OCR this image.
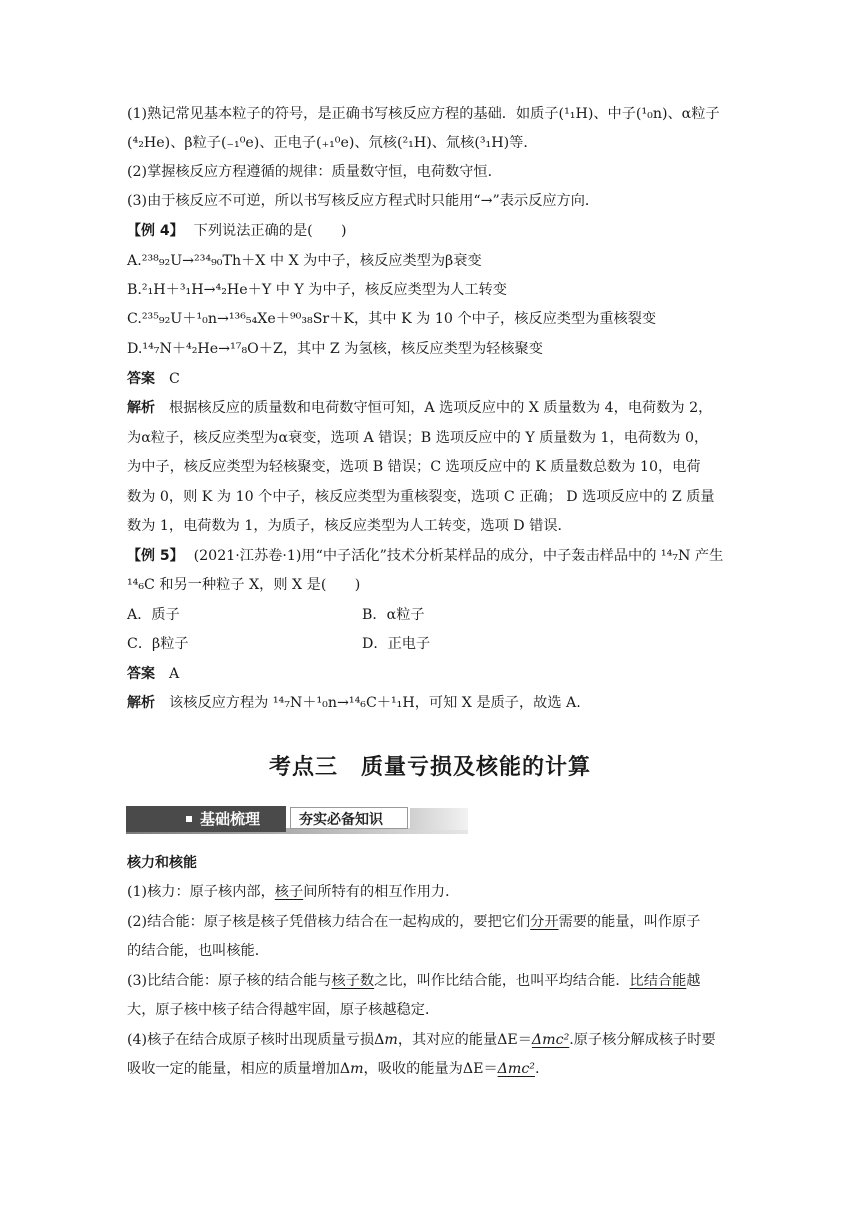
(1)熟记常见基本粒子的符号，是正确书写核反应方程的基础．如质子(¹₁H)、中子(¹₀n)、α粒子
(⁴₂He)、β粒子(₋₁⁰e)、正电子(₊₁⁰e)、氘核(²₁H)、氚核(³₁H)等．
(2)掌握核反应方程遵循的规律：质量数守恒，电荷数守恒．
(3)由于核反应不可逆，所以书写核反应方程式时只能用“→”表示反应方向．
【例 4】 下列说法正确的是(　　)
A.²³⁸₉₂U→²³⁴₉₀Th＋X 中 X 为中子，核反应类型为β衰变
B.²₁H＋³₁H→⁴₂He＋Y 中 Y 为中子，核反应类型为人工转变
C.²³⁵₉₂U＋¹₀n→¹³⁶₅₄Xe＋⁹⁰₃₈Sr＋K，其中 K 为 10 个中子，核反应类型为重核裂变
D.¹⁴₇N＋⁴₂He→¹⁷₈O＋Z，其中 Z 为氢核，核反应类型为轻核聚变
答案 C
解析 根据核反应的质量数和电荷数守恒可知，A 选项反应中的 X 质量数为 4，电荷数为 2，
为α粒子，核反应类型为α衰变，选项 A 错误；B 选项反应中的 Y 质量数为 1，电荷数为 0，
为中子，核反应类型为轻核聚变，选项 B 错误；C 选项反应中的 K 质量数总数为 10，电荷
数为 0，则 K 为 10 个中子，核反应类型为重核裂变，选项 C 正确； D 选项反应中的 Z 质量
数为 1，电荷数为 1，为质子，核反应类型为人工转变，选项 D 错误．
【例 5】 (2021·江苏卷·1)用“中子活化”技术分析某样品的成分，中子轰击样品中的 ¹⁴₇N 产生
¹⁴₆C 和另一种粒子 X，则 X 是(　　)
A．质子	B．α粒子
C．β粒子	D．正电子
答案 A
解析 该核反应方程为 ¹⁴₇N＋¹₀n→¹⁴₆C＋¹₁H，可知 X 是质子，故选 A.
考点三　质量亏损及核能的计算
基础梳理	夯实必备知识
核力和核能
(1)核力：原子核内部，核子间所特有的相互作用力．
(2)结合能：原子核是核子凭借核力结合在一起构成的，要把它们分开需要的能量，叫作原子
的结合能，也叫核能．
(3)比结合能：原子核的结合能与核子数之比，叫作比结合能，也叫平均结合能．比结合能越
大，原子核中核子结合得越牢固，原子核越稳定．
(4)核子在结合成原子核时出现质量亏损Δm，其对应的能量ΔE＝Δmc².原子核分解成核子时要
吸收一定的能量，相应的质量增加Δm，吸收的能量为ΔE＝Δmc².
